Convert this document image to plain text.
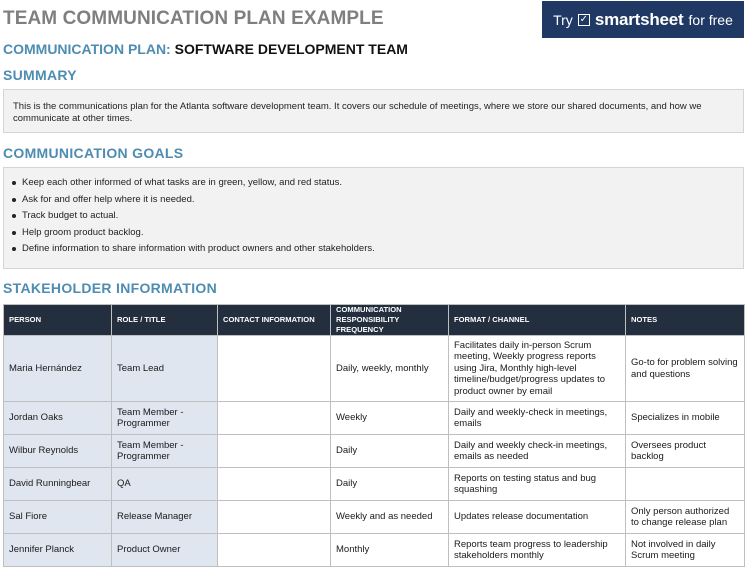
TEAM COMMUNICATION PLAN EXAMPLE	Try ✓ smartsheet for free
COMMUNICATION PLAN: SOFTWARE DEVELOPMENT TEAM
SUMMARY
This is the communications plan for the Atlanta software development team. It covers our schedule of meetings, where we store our shared documents, and how we communicate at other times.
COMMUNICATION GOALS
Keep each other informed of what tasks are in green, yellow, and red status.
Ask for and offer help where it is needed.
Track budget to actual.
Help groom product backlog.
Define information to share information with product owners and other stakeholders.
STAKEHOLDER INFORMATION
PERSON	ROLE / TITLE	CONTACT INFORMATION	COMMUNICATION RESPONSIBILITY FREQUENCY	FORMAT / CHANNEL	NOTES
Maria Hernández	Team Lead		Daily, weekly, monthly	Facilitates daily in-person Scrum meeting, Weekly progress reports using Jira, Monthly high-level timeline/budget/progress updates to product owner by email	Go-to for problem solving and questions
Jordan Oaks	Team Member - Programmer		Weekly	Daily and weekly-check in meetings, emails	Specializes in mobile
Wilbur Reynolds	Team Member - Programmer		Daily	Daily and weekly check-in meetings, emails as needed	Oversees product backlog
David Runningbear	QA		Daily	Reports on testing status and bug squashing	
Sal Fiore	Release Manager		Weekly and as needed	Updates release documentation	Only person authorized to change release plan
Jennifer Planck	Product Owner		Monthly	Reports team progress to leadership stakeholders monthly	Not involved in daily Scrum meeting
